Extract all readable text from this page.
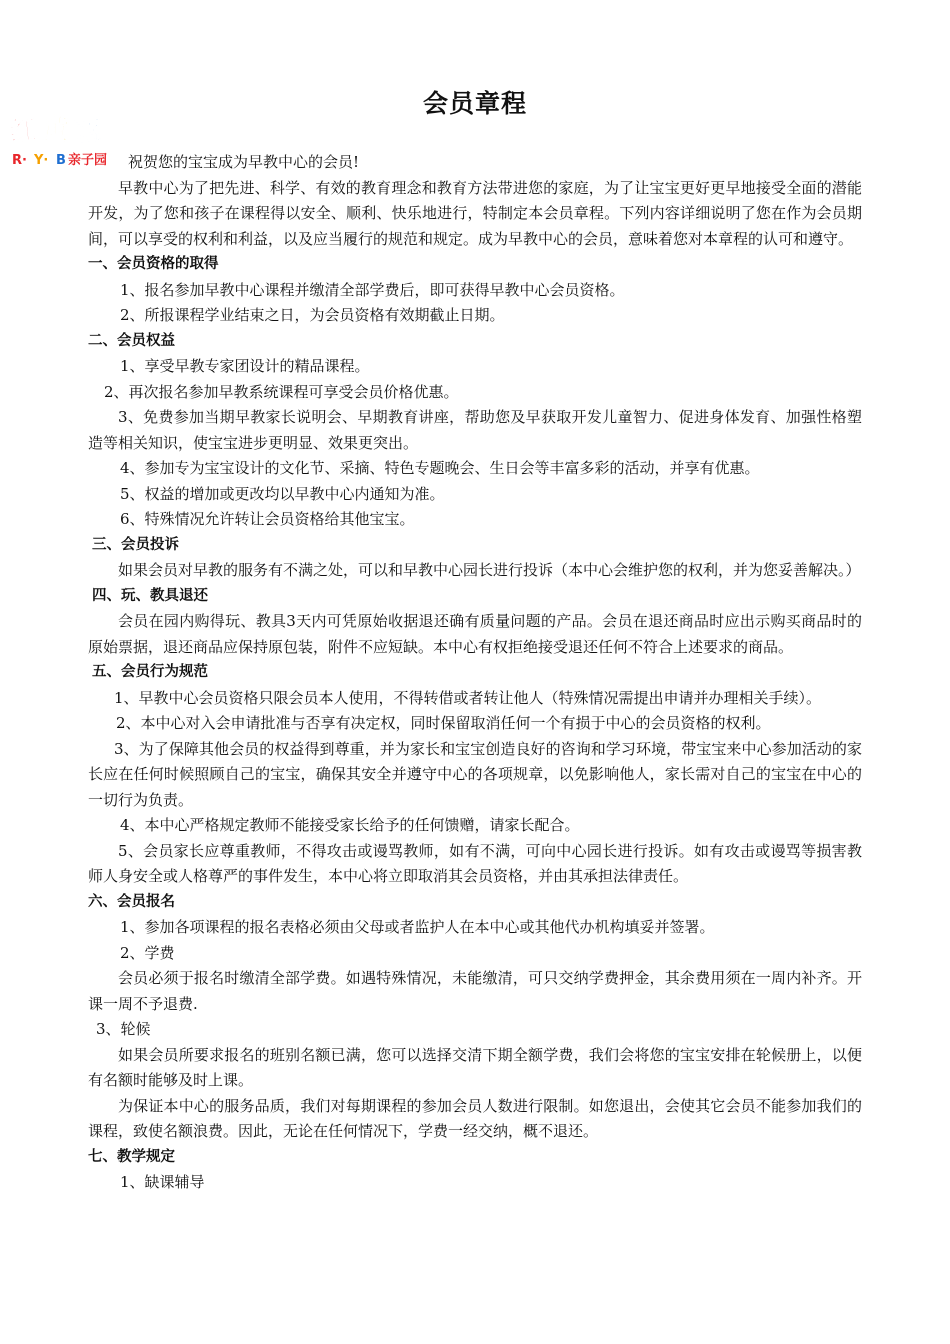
红 黄 蓝
R· Y· B 亲子园
会员章程

祝贺您的宝宝成为早教中心的会员!

早教中心为了把先进、科学、有效的教育理念和教育方法带进您的家庭，为了让宝宝更好更早地接受全面的潜能开发，为了您和孩子在课程得以安全、顺利、快乐地进行，特制定本会员章程。下列内容详细说明了您在作为会员期间，可以享受的权利和利益，以及应当履行的规范和规定。成为早教中心的会员，意味着您对本章程的认可和遵守。

一、会员资格的取得

1、报名参加早教中心课程并缴清全部学费后，即可获得早教中心会员资格。

2、所报课程学业结束之日，为会员资格有效期截止日期。

二、会员权益

1、享受早教专家团设计的精品课程。

2、再次报名参加早教系统课程可享受会员价格优惠。

3、免费参加当期早教家长说明会、早期教育讲座，帮助您及早获取开发儿童智力、促进身体发育、加强性格塑造等相关知识，使宝宝进步更明显、效果更突出。

4、参加专为宝宝设计的文化节、采摘、特色专题晚会、生日会等丰富多彩的活动，并享有优惠。

5、权益的增加或更改均以早教中心内通知为准。

6、特殊情况允许转让会员资格给其他宝宝。

三、会员投诉

如果会员对早教的服务有不满之处，可以和早教中心园长进行投诉（本中心会维护您的权利，并为您妥善解决。）

四、玩、教具退还

会员在园内购得玩、教具3天内可凭原始收据退还确有质量问题的产品。会员在退还商品时应出示购买商品时的原始票据，退还商品应保持原包装，附件不应短缺。本中心有权拒绝接受退还任何不符合上述要求的商品。

五、会员行为规范

1、早教中心会员资格只限会员本人使用，不得转借或者转让他人（特殊情况需提出申请并办理相关手续）。

2、本中心对入会申请批准与否享有决定权，同时保留取消任何一个有损于中心的会员资格的权利。

3、为了保障其他会员的权益得到尊重，并为家长和宝宝创造良好的咨询和学习环境，带宝宝来中心参加活动的家长应在任何时候照顾自己的宝宝，确保其安全并遵守中心的各项规章，以免影响他人，家长需对自己的宝宝在中心的一切行为负责。

4、本中心严格规定教师不能接受家长给予的任何馈赠，请家长配合。

5、会员家长应尊重教师，不得攻击或谩骂教师，如有不满，可向中心园长进行投诉。如有攻击或谩骂等损害教师人身安全或人格尊严的事件发生，本中心将立即取消其会员资格，并由其承担法律责任。

六、会员报名

1、参加各项课程的报名表格必须由父母或者监护人在本中心或其他代办机构填妥并签署。

2、学费

会员必须于报名时缴清全部学费。如遇特殊情况，未能缴清，可只交纳学费押金，其余费用须在一周内补齐。开课一周不予退费.

3、轮候

如果会员所要求报名的班别名额已满，您可以选择交清下期全额学费，我们会将您的宝宝安排在轮候册上，以便有名额时能够及时上课。

为保证本中心的服务品质，我们对每期课程的参加会员人数进行限制。如您退出，会使其它会员不能参加我们的课程，致使名额浪费。因此，无论在任何情况下，学费一经交纳，概不退还。

七、教学规定

1、缺课辅导
